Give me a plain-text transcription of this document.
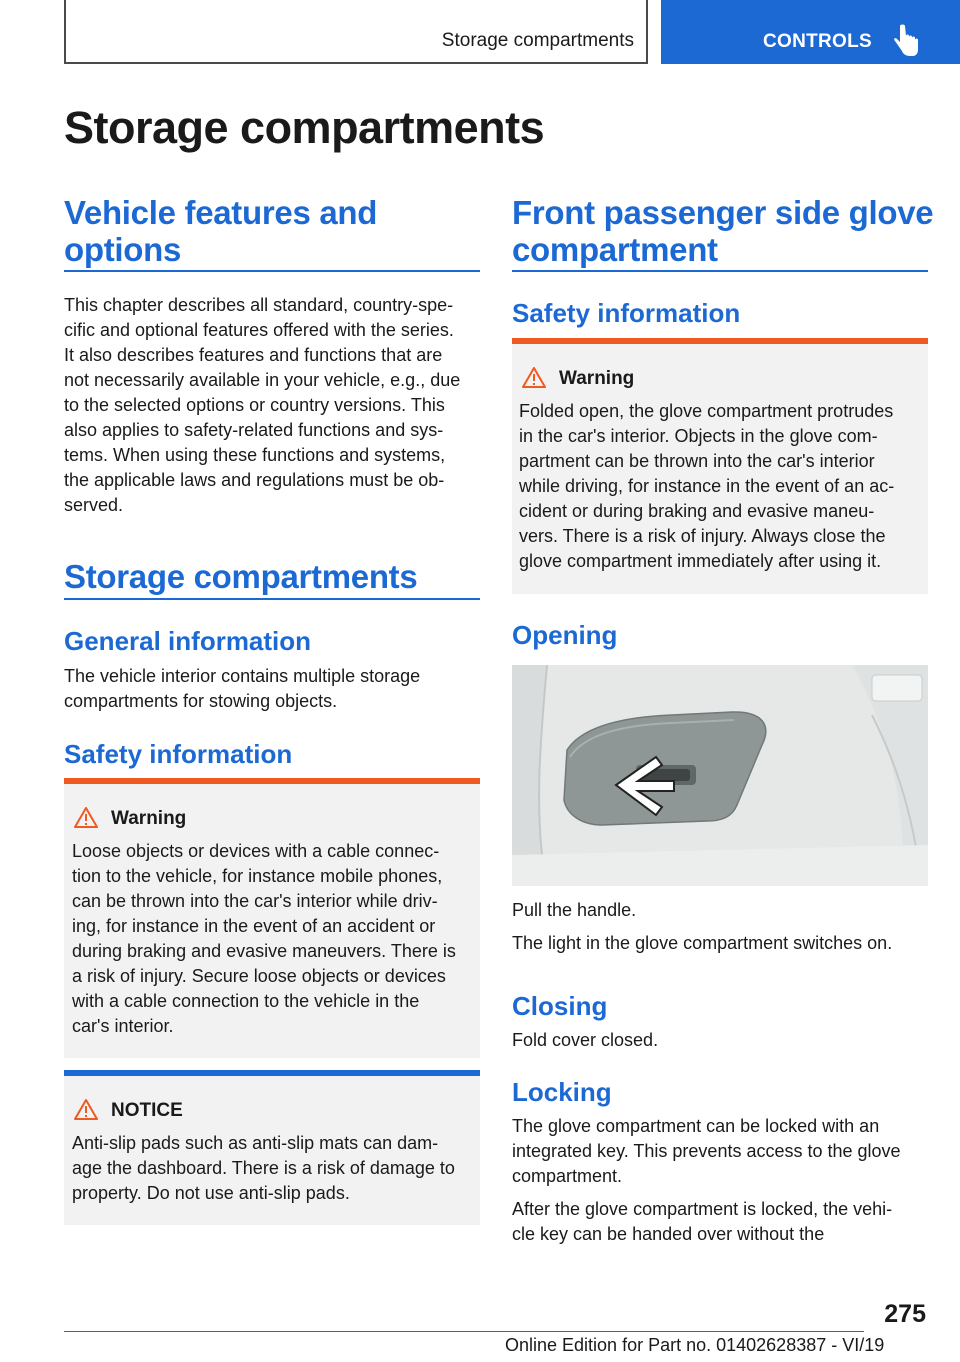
Storage compartments	CONTROLS
Storage compartments
Vehicle features and options
This chapter describes all standard, country-spe-
cific and optional features offered with the series.
It also describes features and functions that are
not necessarily available in your vehicle, e.g., due
to the selected options or country versions. This
also applies to safety-related functions and sys-
tems. When using these functions and systems,
the applicable laws and regulations must be ob-
served.
Storage compartments
General information
The vehicle interior contains multiple storage
compartments for stowing objects.
Safety information
Warning
Loose objects or devices with a cable connec-
tion to the vehicle, for instance mobile phones,
can be thrown into the car's interior while driv-
ing, for instance in the event of an accident or
during braking and evasive maneuvers. There is
a risk of injury. Secure loose objects or devices
with a cable connection to the vehicle in the
car's interior.
NOTICE
Anti-slip pads such as anti-slip mats can dam-
age the dashboard. There is a risk of damage to
property. Do not use anti-slip pads.
Front passenger side glove
compartment
Safety information
Warning
Folded open, the glove compartment protrudes
in the car's interior. Objects in the glove com-
partment can be thrown into the car's interior
while driving, for instance in the event of an ac-
cident or during braking and evasive maneu-
vers. There is a risk of injury. Always close the
glove compartment immediately after using it.
Opening
Pull the handle.
The light in the glove compartment switches on.
Closing
Fold cover closed.
Locking
The glove compartment can be locked with an
integrated key. This prevents access to the glove
compartment.
After the glove compartment is locked, the vehi-
cle key can be handed over without the
275
Online Edition for Part no. 01402628387 - VI/19
